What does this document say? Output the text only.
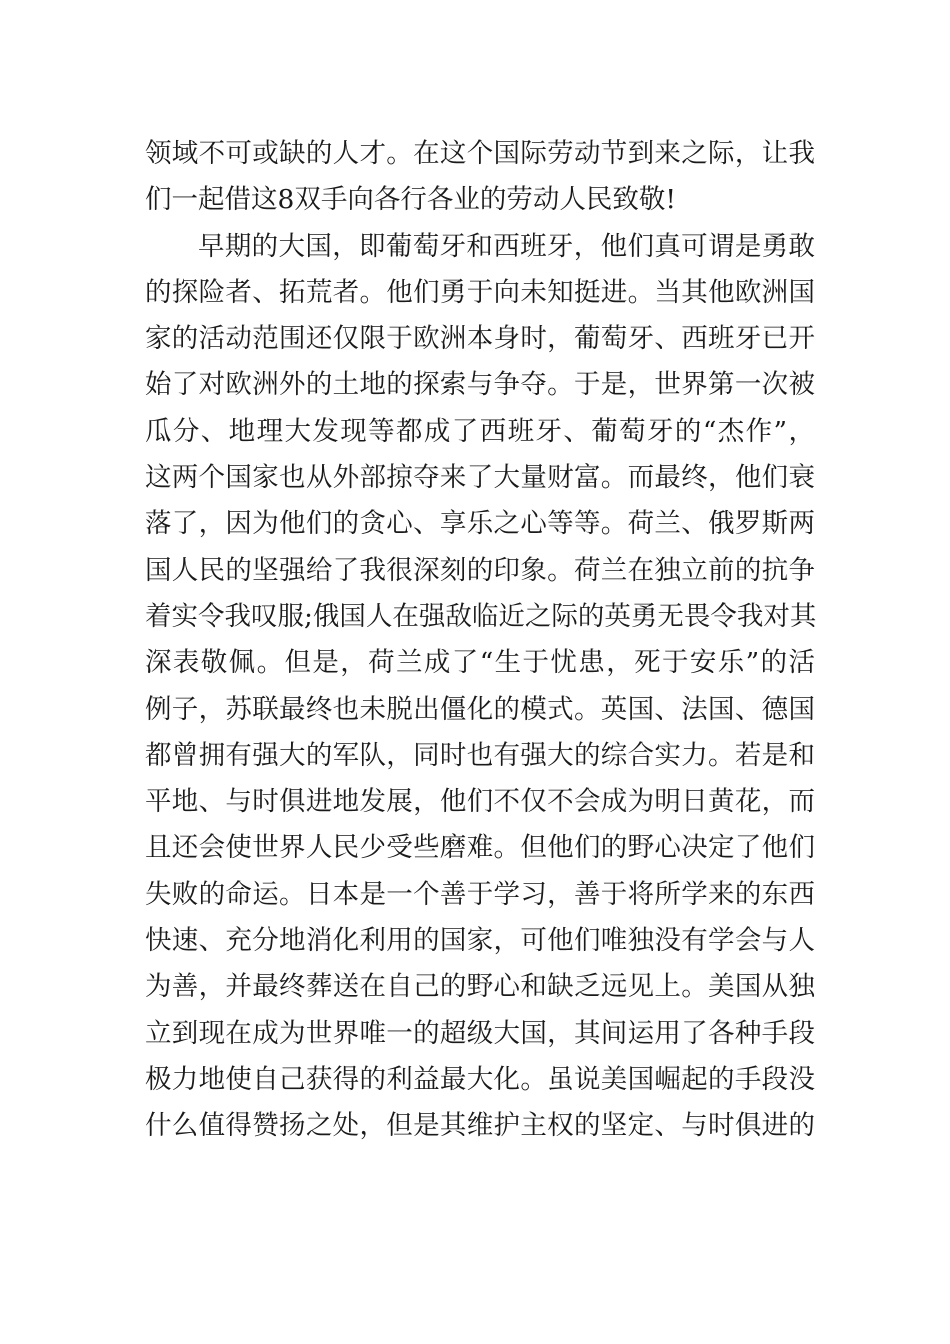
领域不可或缺的人才。在这个国际劳动节到来之际，让我
们一起借这8双手向各行各业的劳动人民致敬!
早期的大国，即葡萄牙和西班牙，他们真可谓是勇敢
的探险者、拓荒者。他们勇于向未知挺进。当其他欧洲国
家的活动范围还仅限于欧洲本身时，葡萄牙、西班牙已开
始了对欧洲外的土地的探索与争夺。于是，世界第一次被
瓜分、地理大发现等都成了西班牙、葡萄牙的“杰作”，
这两个国家也从外部掠夺来了大量财富。而最终，他们衰
落了，因为他们的贪心、享乐之心等等。荷兰、俄罗斯两
国人民的坚强给了我很深刻的印象。荷兰在独立前的抗争
着实令我叹服;俄国人在强敌临近之际的英勇无畏令我对其
深表敬佩。但是，荷兰成了“生于忧患，死于安乐”的活
例子，苏联最终也未脱出僵化的模式。英国、法国、德国
都曾拥有强大的军队，同时也有强大的综合实力。若是和
平地、与时俱进地发展，他们不仅不会成为明日黄花，而
且还会使世界人民少受些磨难。但他们的野心决定了他们
失败的命运。日本是一个善于学习，善于将所学来的东西
快速、充分地消化利用的国家，可他们唯独没有学会与人
为善，并最终葬送在自己的野心和缺乏远见上。美国从独
立到现在成为世界唯一的超级大国，其间运用了各种手段
极力地使自己获得的利益最大化。虽说美国崛起的手段没
什么值得赞扬之处，但是其维护主权的坚定、与时俱进的
